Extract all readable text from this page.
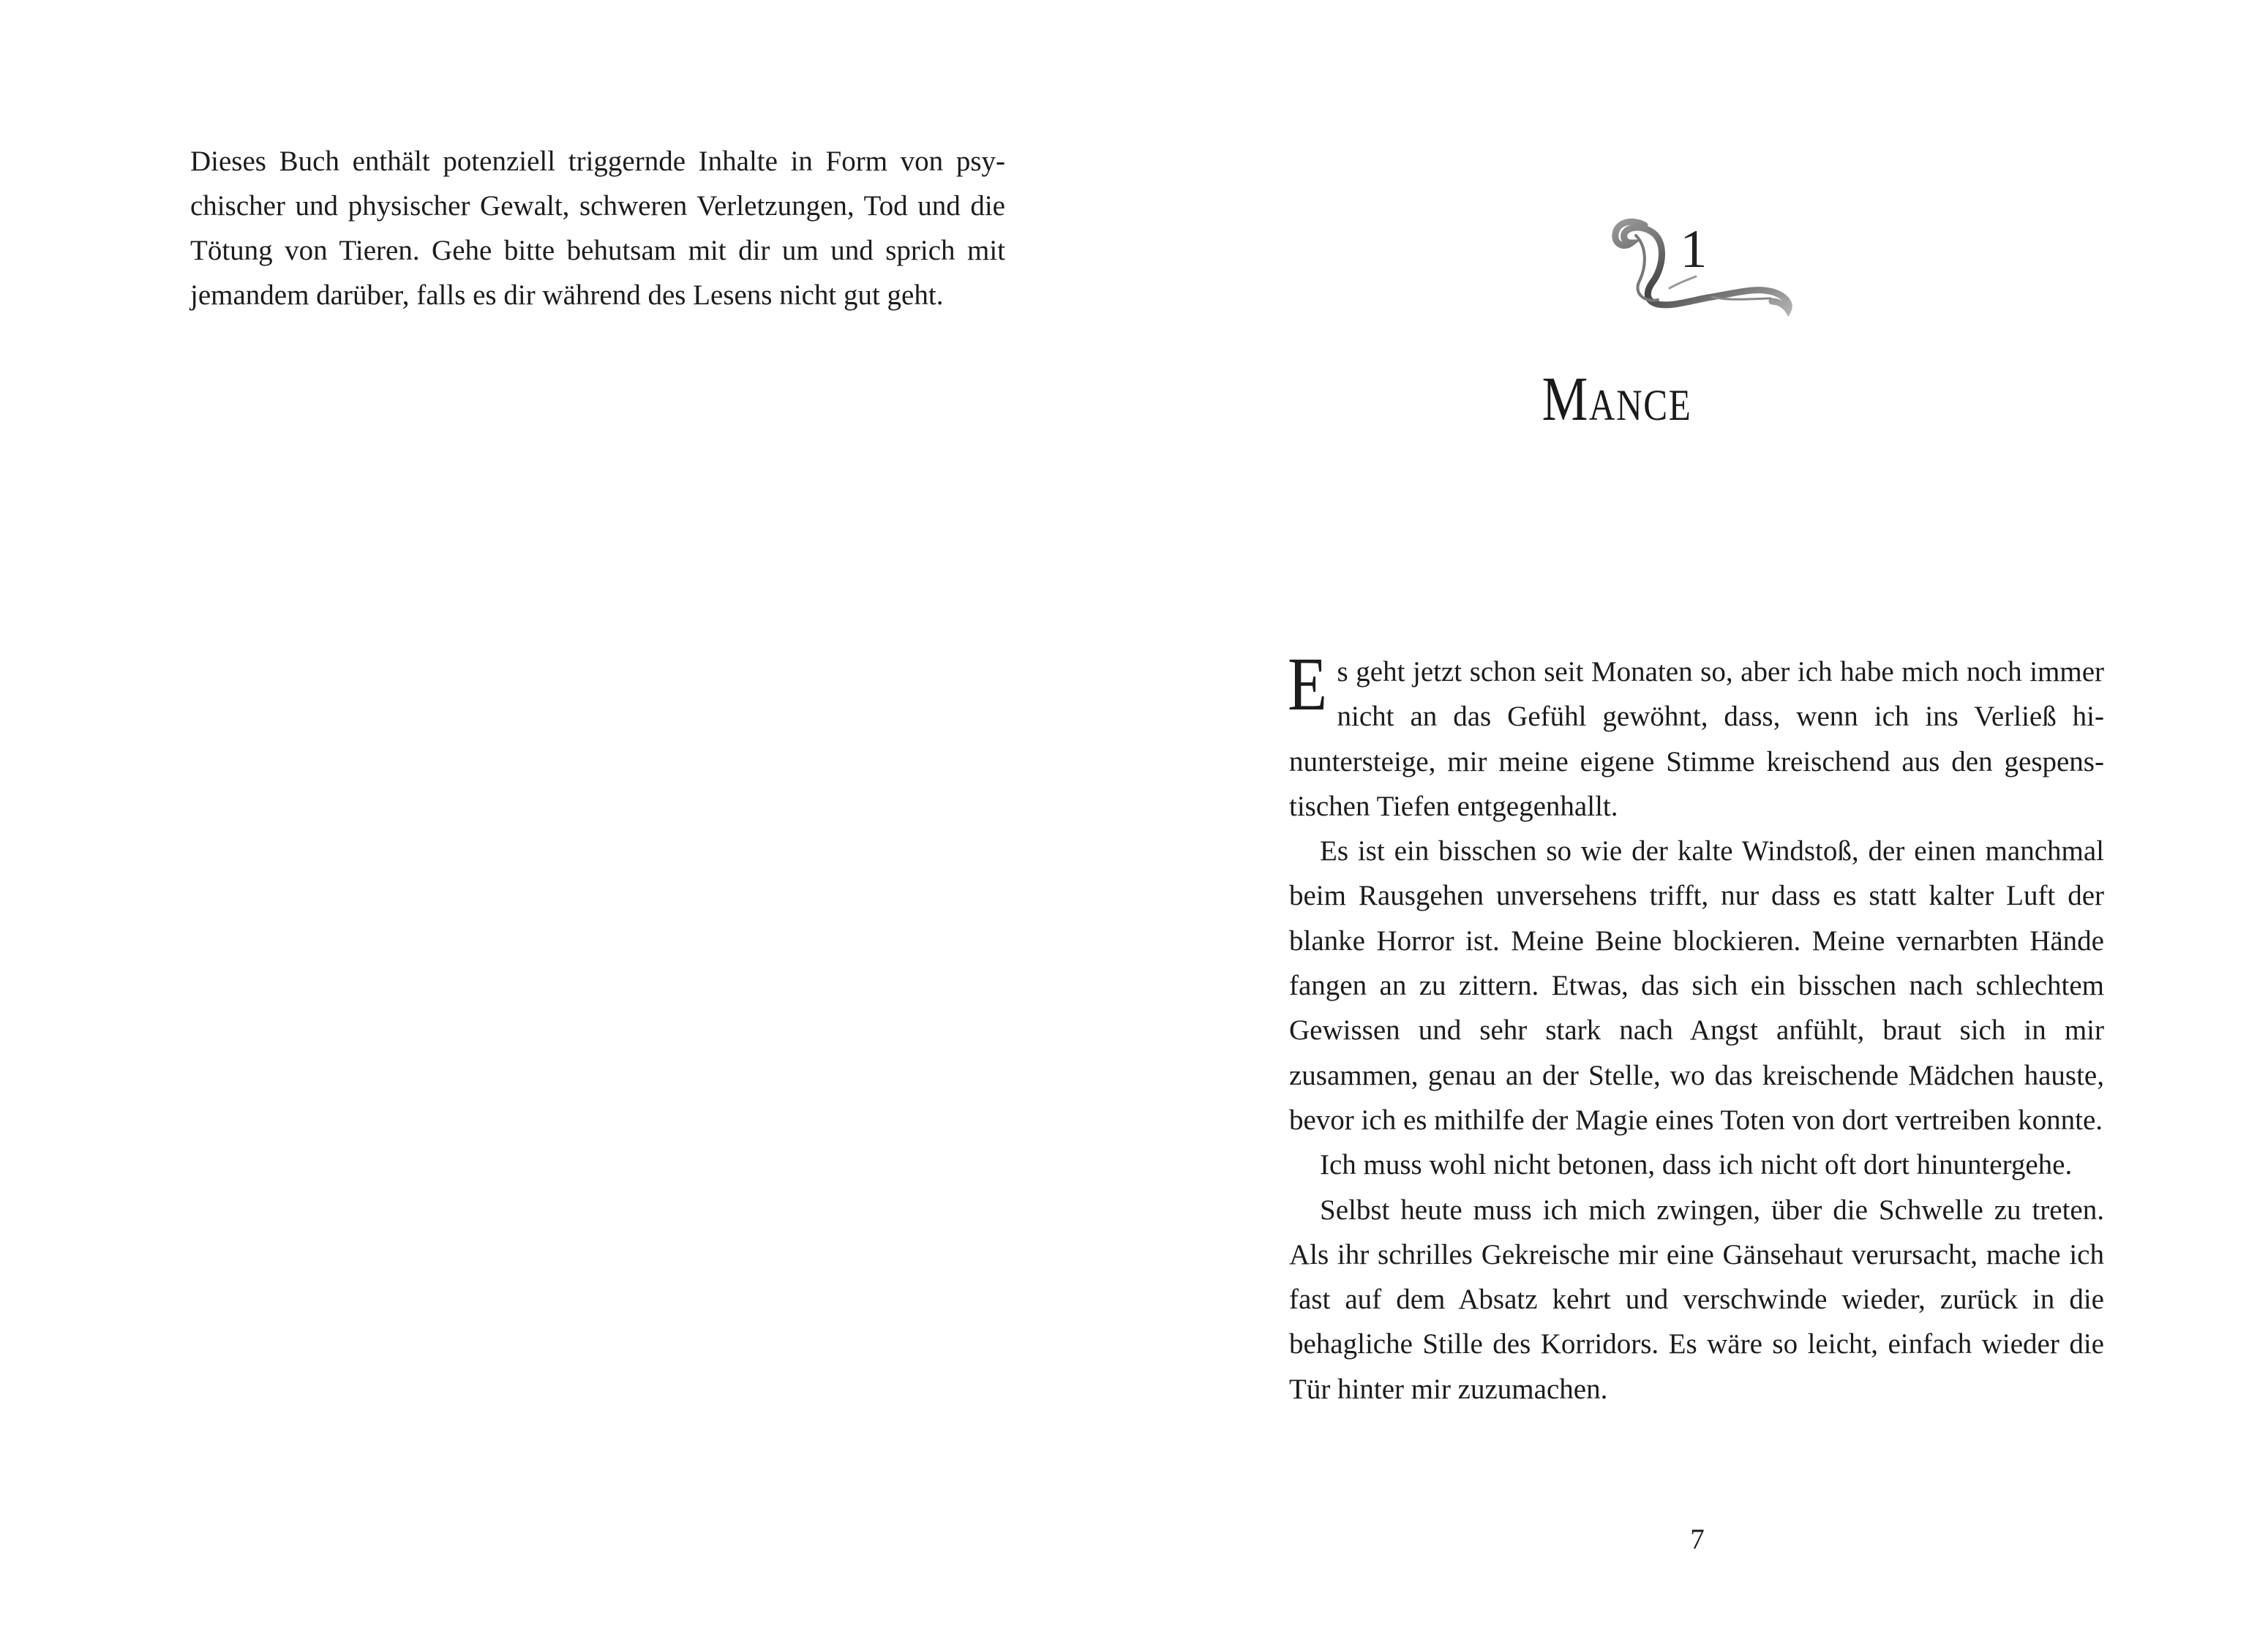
Dieses Buch enthält potenziell triggernde Inhalte in Form von psychischer und physischer Gewalt, schweren Verletzungen, Tod und die Tötung von Tieren. Gehe bitte behutsam mit dir um und sprich mit jemandem darüber, falls es dir während des Lesens nicht gut geht.

1
Mance

Es geht jetzt schon seit Monaten so, aber ich habe mich noch immer nicht an das Gefühl gewöhnt, dass, wenn ich ins Verließ hinuntersteige, mir meine eigene Stimme kreischend aus den gespenstischen Tiefen entgegenhallt.

Es ist ein bisschen so wie der kalte Windstoß, der einen manchmal beim Rausgehen unversehens trifft, nur dass es statt kalter Luft der blanke Horror ist. Meine Beine blockieren. Meine vernarbten Hände fangen an zu zittern. Etwas, das sich ein bisschen nach schlechtem Gewissen und sehr stark nach Angst anfühlt, braut sich in mir zusammen, genau an der Stelle, wo das kreischende Mädchen hauste, bevor ich es mithilfe der Magie eines Toten von dort vertreiben konnte.

Ich muss wohl nicht betonen, dass ich nicht oft dort hinuntergehe.

Selbst heute muss ich mich zwingen, über die Schwelle zu treten. Als ihr schrilles Gekreische mir eine Gänsehaut verursacht, mache ich fast auf dem Absatz kehrt und verschwinde wieder, zurück in die behagliche Stille des Korridors. Es wäre so leicht, einfach wieder die Tür hinter mir zuzumachen.

7
